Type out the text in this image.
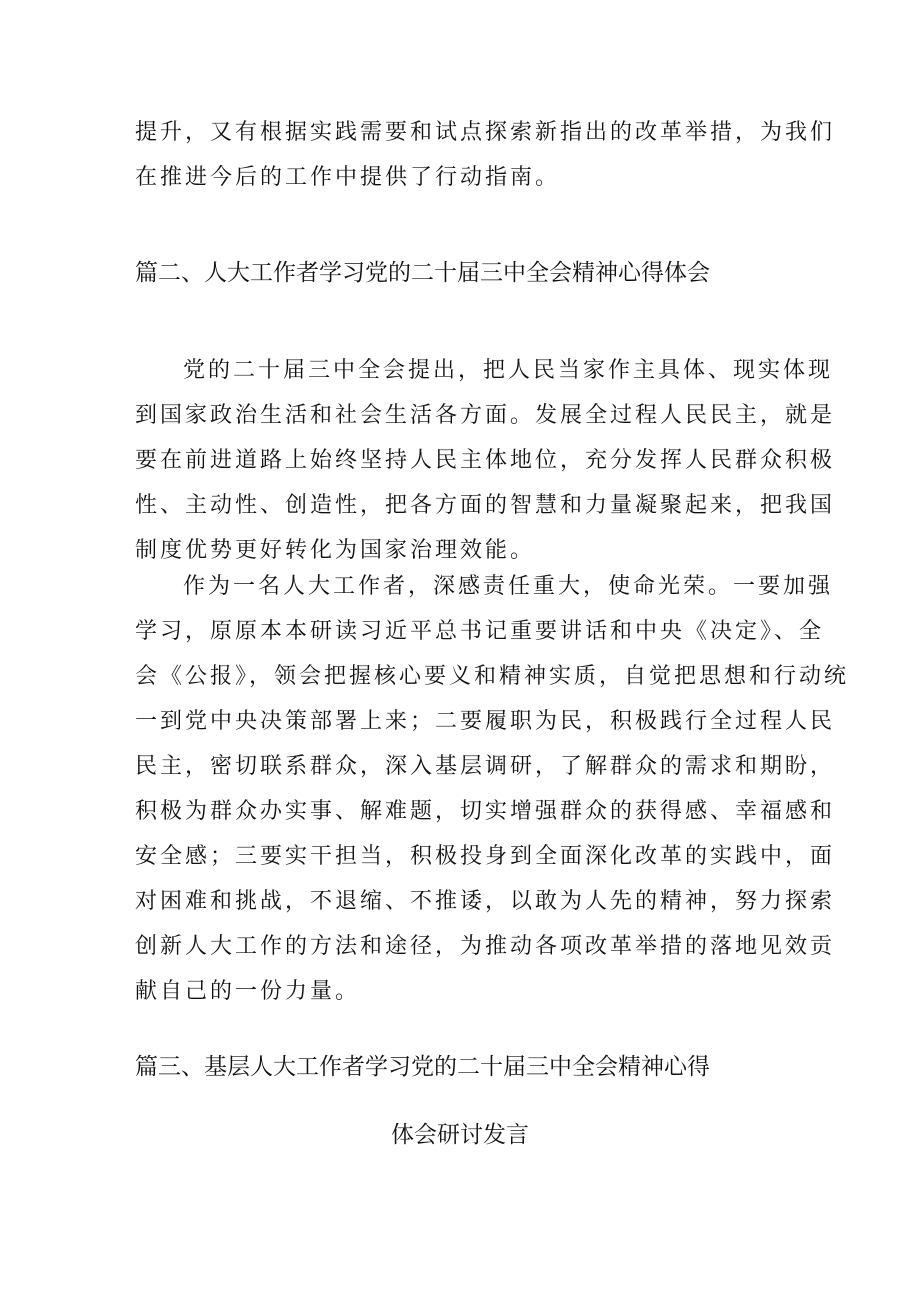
提升，又有根据实践需要和试点探索新指出的改革举措，为我们
在推进今后的工作中提供了行动指南。
篇二、人大工作者学习党的二十届三中全会精神心得体会
党的二十届三中全会提出，把人民当家作主具体、现实体现
到国家政治生活和社会生活各方面。发展全过程人民民主，就是
要在前进道路上始终坚持人民主体地位，充分发挥人民群众积极
性、主动性、创造性，把各方面的智慧和力量凝聚起来，把我国
制度优势更好转化为国家治理效能。
作为一名人大工作者，深感责任重大，使命光荣。一要加强
学习，原原本本研读习近平总书记重要讲话和中央《决定》、全
会《公报》，领会把握核心要义和精神实质，自觉把思想和行动统
一到党中央决策部署上来；二要履职为民，积极践行全过程人民
民主，密切联系群众，深入基层调研，了解群众的需求和期盼，
积极为群众办实事、解难题，切实增强群众的获得感、幸福感和
安全感；三要实干担当，积极投身到全面深化改革的实践中，面
对困难和挑战，不退缩、不推诿，以敢为人先的精神，努力探索
创新人大工作的方法和途径，为推动各项改革举措的落地见效贡
献自己的一份力量。
篇三、基层人大工作者学习党的二十届三中全会精神心得
体会研讨发言
